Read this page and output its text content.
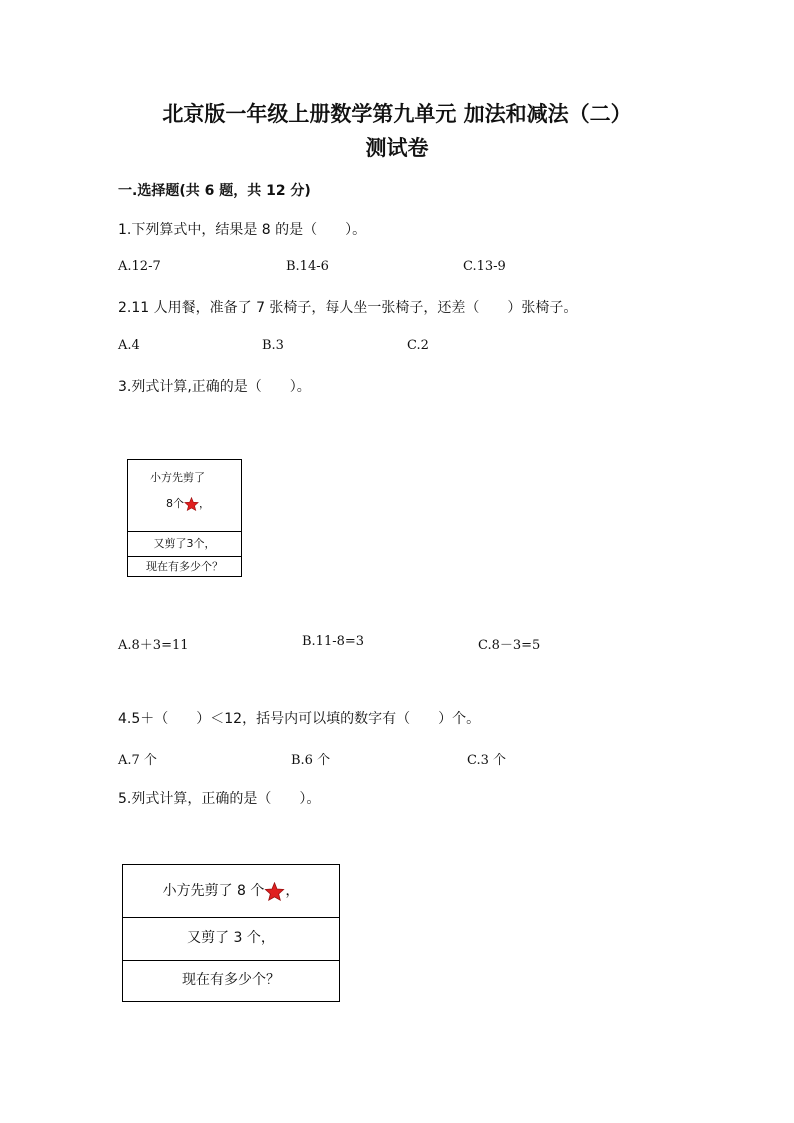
北京版一年级上册数学第九单元 加法和减法（二）
测试卷
一.选择题(共 6 题，共 12 分)
1.下列算式中，结果是 8 的是（　　）。
A.12-7	B.14-6	C.13-9
2.11 人用餐，准备了 7 张椅子，每人坐一张椅子，还差（　　）张椅子。
A.4	B.3	C.2
3.列式计算,正确的是（　　）。
小方先剪了
8个 ，
又剪了3个，
现在有多少个？
A.8＋3=11	B.11-8=3	C.8－3=5
4.5＋（　　）＜12，括号内可以填的数字有（　　）个。
A.7 个	B.6 个	C.3 个
5.列式计算，正确的是（　　）。
小方先剪了 8 个 ，
又剪了 3 个，
现在有多少个？
